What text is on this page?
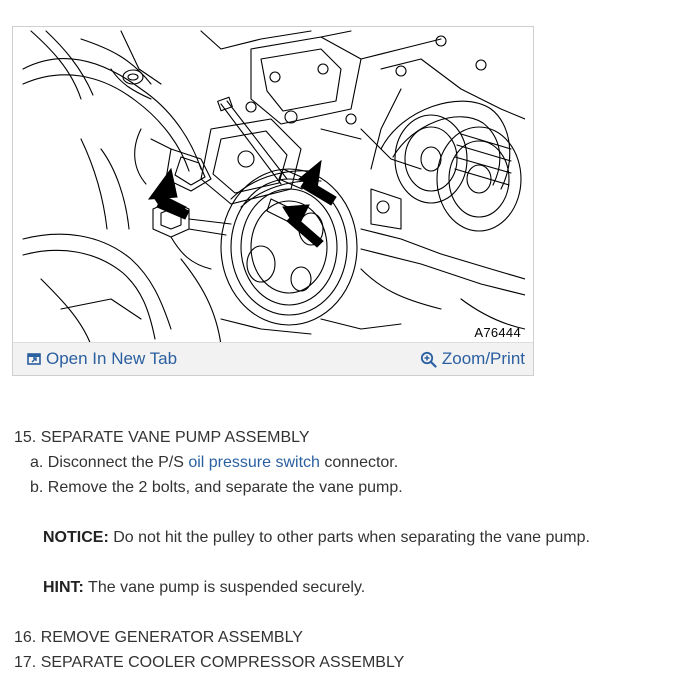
A76444
Open In New Tab	Zoom/Print
15. SEPARATE VANE PUMP ASSEMBLY
a. Disconnect the P/S oil pressure switch connector.
b. Remove the 2 bolts, and separate the vane pump.
NOTICE: Do not hit the pulley to other parts when separating the vane pump.
HINT: The vane pump is suspended securely.
16. REMOVE GENERATOR ASSEMBLY
17. SEPARATE COOLER COMPRESSOR ASSEMBLY
